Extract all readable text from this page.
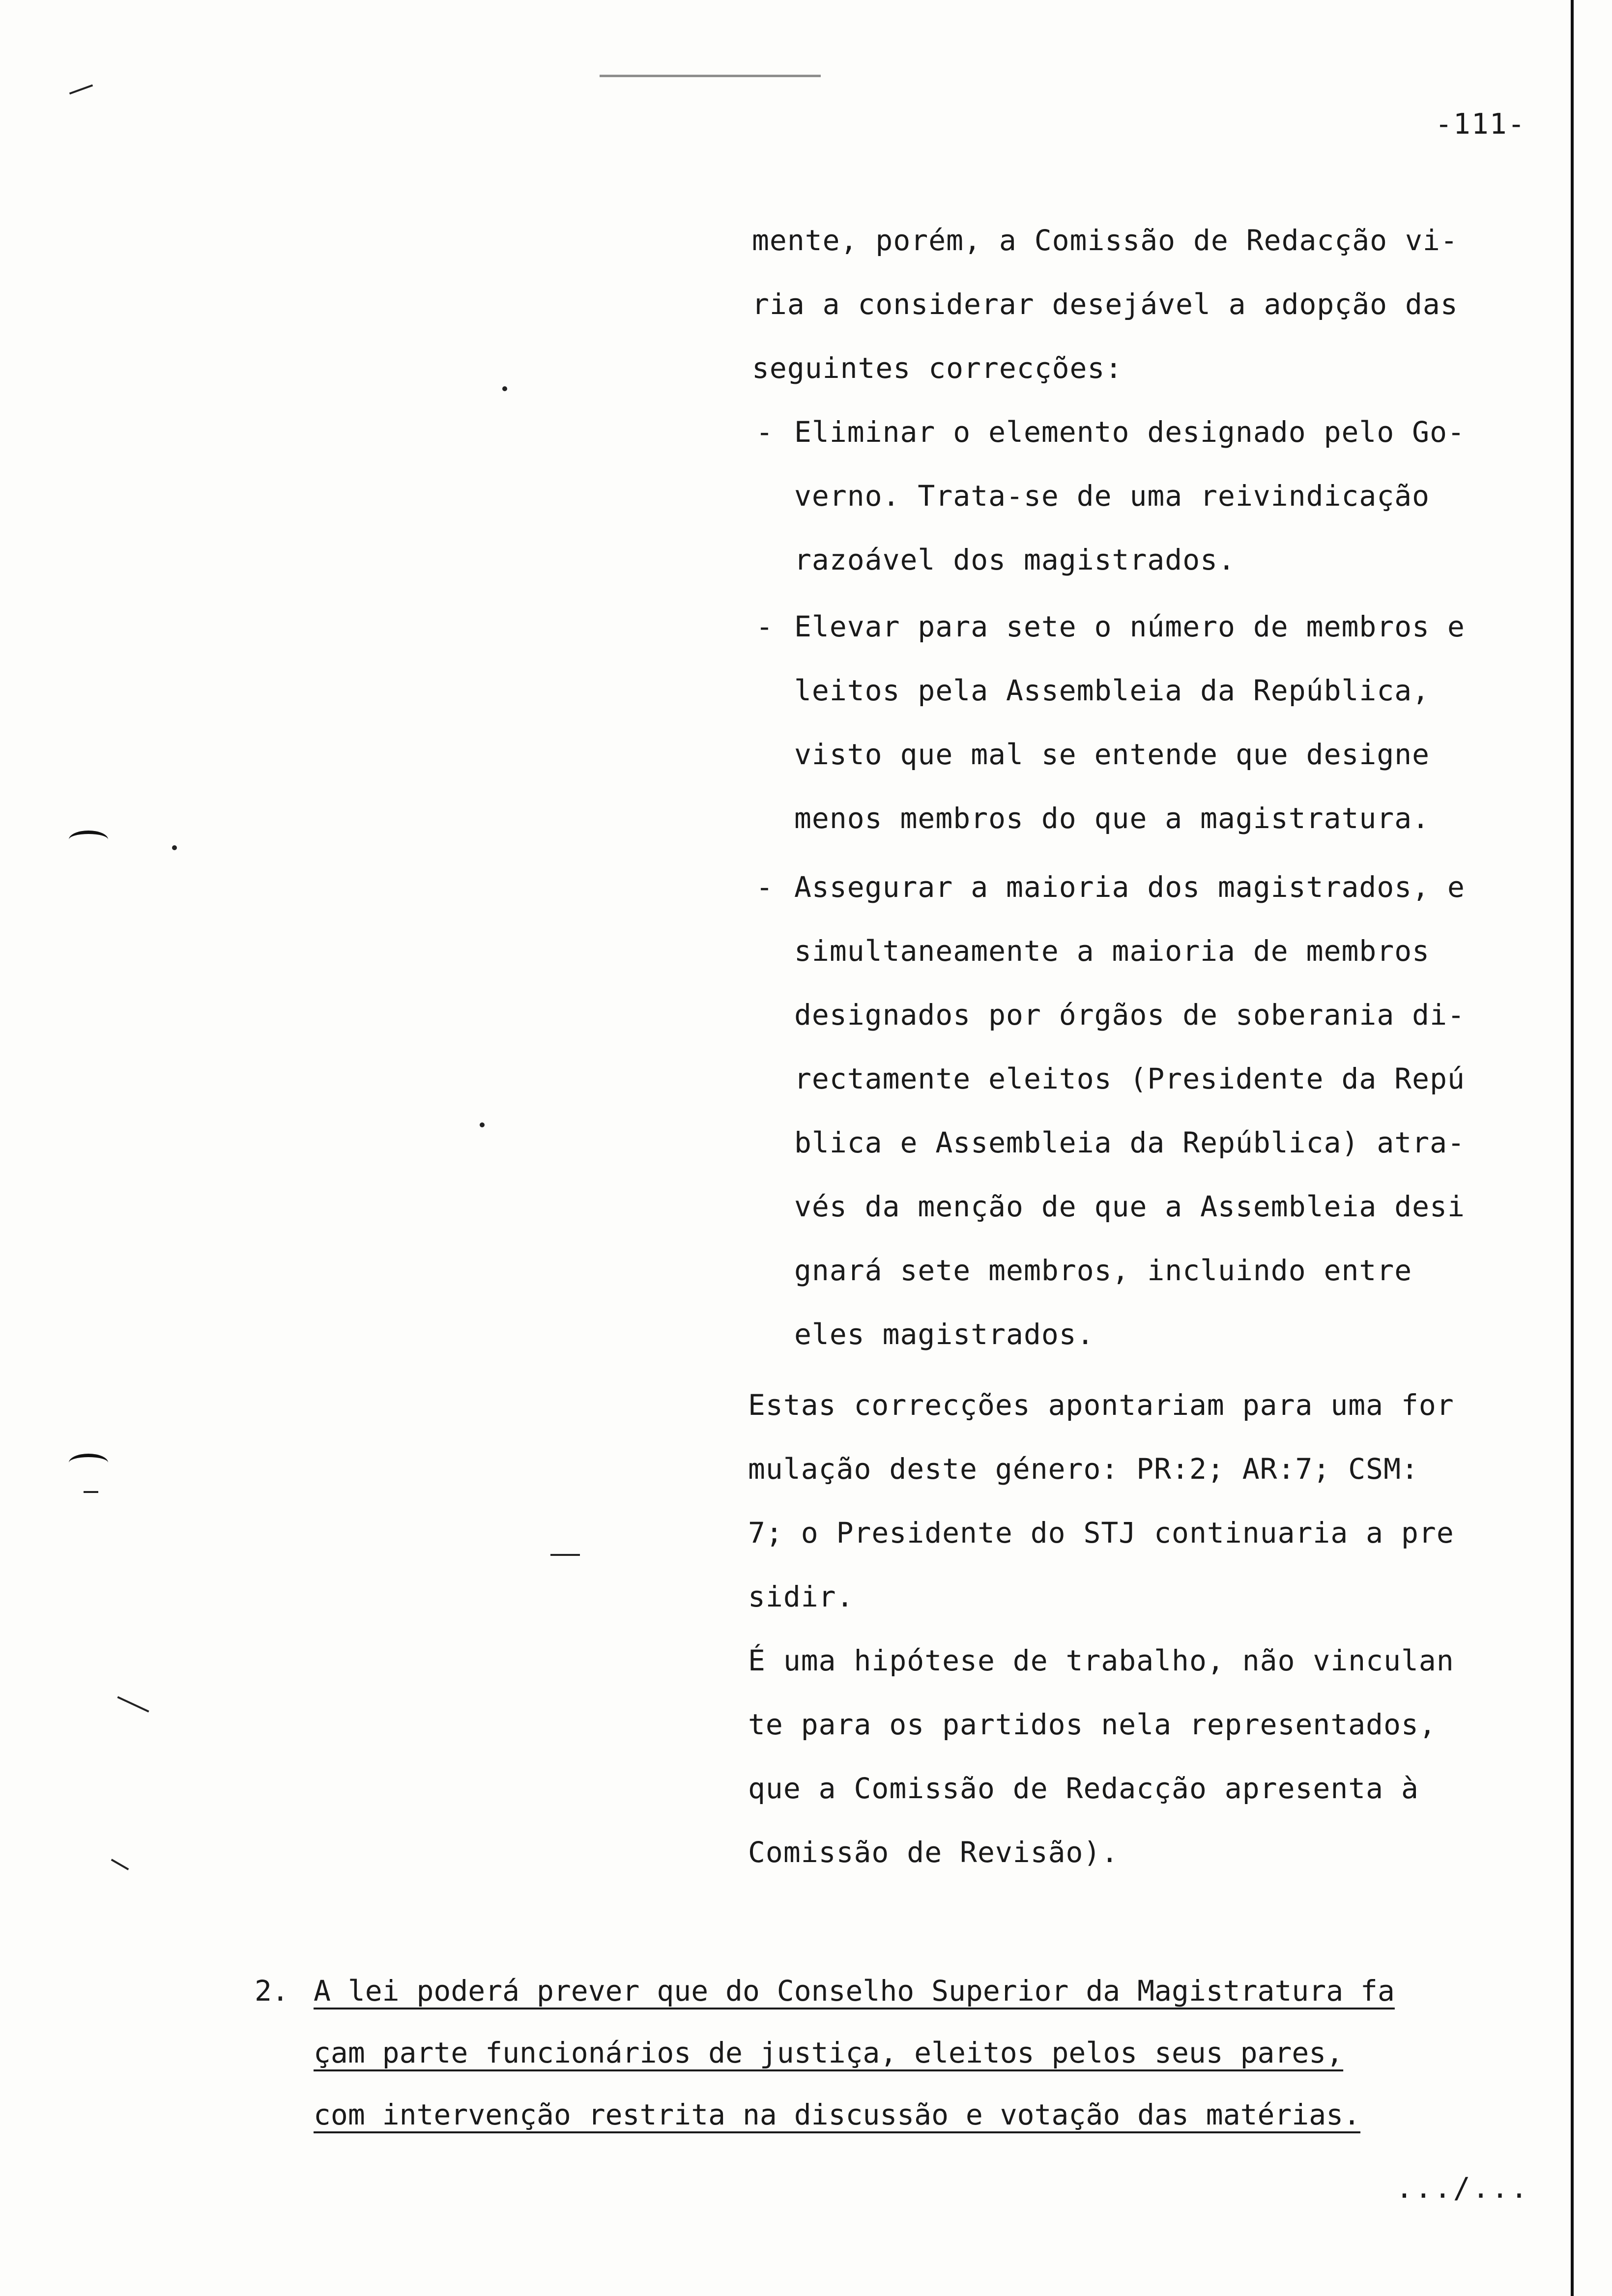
-111-
mente, porém, a Comissão de Redacção vi-
ria a considerar desejável a adopção das
seguintes correcções:
- Eliminar o elemento designado pelo Go-
verno. Trata-se de uma reivindicação
razoável dos magistrados.
- Elevar para sete o número de membros e
leitos pela Assembleia da República,
visto que mal se entende que designe
menos membros do que a magistratura.
- Assegurar a maioria dos magistrados, e
simultaneamente a maioria de membros
designados por órgãos de soberania di-
rectamente eleitos (Presidente da Repú
blica e Assembleia da República) atra-
vés da menção de que a Assembleia desi
gnará sete membros, incluindo entre
eles magistrados.
Estas correcções apontariam para uma for
mulação deste género: PR:2; AR:7; CSM:
7; o Presidente do STJ continuaria a pre
sidir.
É uma hipótese de trabalho, não vinculan
te para os partidos nela representados,
que a Comissão de Redacção apresenta à
Comissão de Revisão).
2. A lei poderá prever que do Conselho Superior da Magistratura fa
çam parte funcionários de justiça, eleitos pelos seus pares,
com intervenção restrita na discussão e votação das matérias.
.../...
